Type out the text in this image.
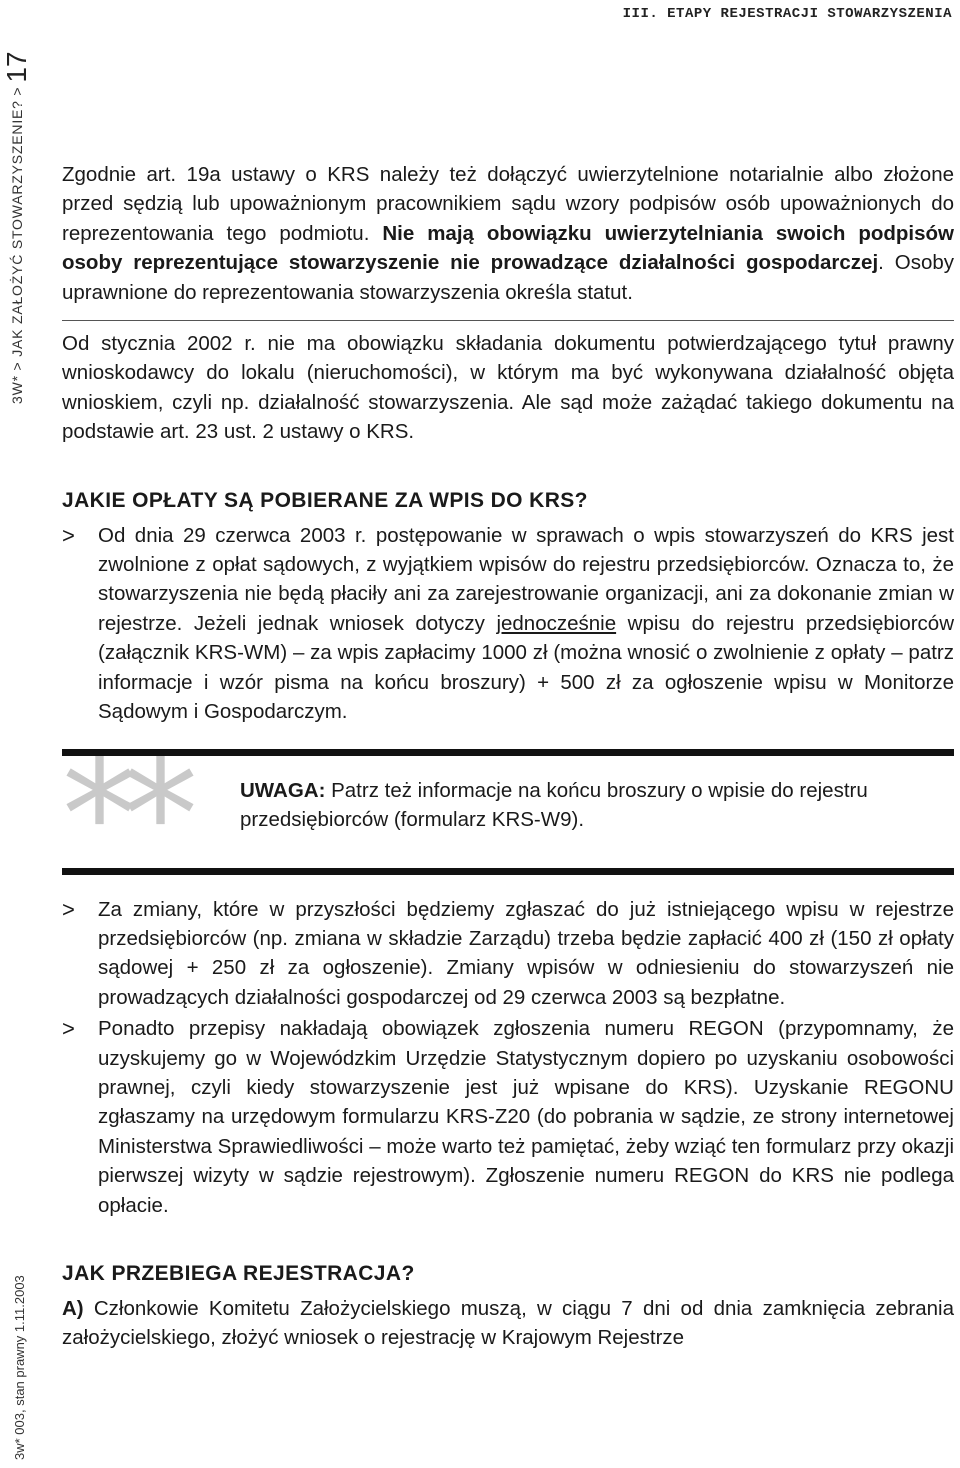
3W* > JAK ZAŁOŻYĆ STOWARZYSZENIE? >
17
3w* 003, stan prawny 1.11.2003
III. ETAPY REJESTRACJI STOWARZYSZENIA

Zgodnie art. 19a ustawy o KRS należy też dołączyć uwierzytelnione notarialnie albo złożone przed sędzią lub upoważnionym pracownikiem sądu wzory podpisów osób upoważnionych do reprezentowania tego podmiotu. Nie mają obowiązku uwierzytelniania swoich podpisów osoby reprezentujące stowarzyszenie nie prowadzące działalności gospodarczej. Osoby uprawnione do reprezentowania stowarzyszenia określa statut.

Od stycznia 2002 r. nie ma obowiązku składania dokumentu potwierdzającego tytuł prawny wnioskodawcy do lokalu (nieruchomości), w którym ma być wykonywana działalność objęta wnioskiem, czyli np. działalność stowarzyszenia. Ale sąd może zażądać takiego dokumentu na podstawie art. 23 ust. 2 ustawy o KRS.

JAKIE OPŁATY SĄ POBIERANE ZA WPIS DO KRS?
>	Od dnia 29 czerwca 2003 r. postępowanie w sprawach o wpis stowarzyszeń do KRS jest zwolnione z opłat sądowych, z wyjątkiem wpisów do rejestru przedsiębiorców. Oznacza to, że stowarzyszenia nie będą płaciły ani za zarejestrowanie organizacji, ani za dokonanie zmian w rejestrze. Jeżeli jednak wniosek dotyczy jednocześnie wpisu do rejestru przedsiębiorców (załącznik KRS-WM) – za wpis zapłacimy 1000 zł (można wnosić o zwolnienie z opłaty – patrz informacje i wzór pisma na końcu broszury) + 500 zł za ogłoszenie wpisu w Monitorze Sądowym i Gospodarczym.

**	UWAGA: Patrz też informacje na końcu broszury o wpisie do rejestru przedsiębiorców (formularz KRS-W9).

>	Za zmiany, które w przyszłości będziemy zgłaszać do już istniejącego wpisu w rejestrze przedsiębiorców (np. zmiana w składzie Zarządu) trzeba będzie zapłacić 400 zł (150 zł opłaty sądowej + 250 zł za ogłoszenie). Zmiany wpisów w odniesieniu do stowarzyszeń nie prowadzących działalności gospodarczej od 29 czerwca 2003 są bezpłatne.

>	Ponadto przepisy nakładają obowiązek zgłoszenia numeru REGON (przypomnamy, że uzyskujemy go w Wojewódzkim Urzędzie Statystycznym dopiero po uzyskaniu osobowości prawnej, czyli kiedy stowarzyszenie jest już wpisane do KRS). Uzyskanie REGONU zgłaszamy na urzędowym formularzu KRS-Z20 (do pobrania w sądzie, ze strony internetowej Ministerstwa Sprawiedliwości – może warto też pamiętać, żeby wziąć ten formularz przy okazji pierwszej wizyty w sądzie rejestrowym). Zgłoszenie numeru REGON do KRS nie podlega opłacie.

JAK PRZEBIEGA REJESTRACJA?

A) Członkowie Komitetu Założycielskiego muszą, w ciągu 7 dni od dnia zamknięcia zebrania założycielskiego, złożyć wniosek o rejestrację w Krajowym Rejestrze
